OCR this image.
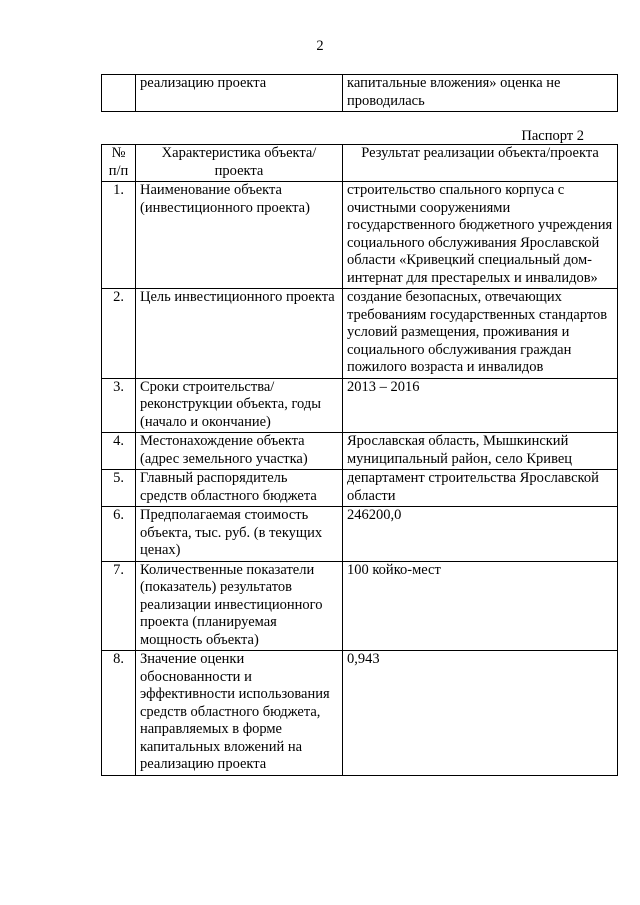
2
	реализацию проекта	капитальные вложения» оценка не проводилась
Паспорт 2
№ п/п	Характеристика объекта/проекта	Результат реализации объекта/проекта
1.	Наименование объекта (инвестиционного проекта)	строительство спального корпуса с очистными сооружениями государственного бюджетного учреждения социального обслуживания Ярославской области «Кривецкий специальный дом-интернат для престарелых и инвалидов»
2.	Цель инвестиционного проекта	создание безопасных, отвечающих требованиям государственных стандартов условий размещения, проживания и социального обслуживания граждан пожилого возраста и инвалидов
3.	Сроки строительства/реконструкции объекта, годы (начало и окончание)	2013 – 2016
4.	Местонахождение объекта (адрес земельного участка)	Ярославская область, Мышкинский муниципальный район, село Кривец
5.	Главный распорядитель средств областного бюджета	департамент строительства Ярославской области
6.	Предполагаемая стоимость объекта, тыс. руб. (в текущих ценах)	246200,0
7.	Количественные показатели (показатель) результатов реализации инвестиционного проекта (планируемая мощность объекта)	100 койко-мест
8.	Значение оценки обоснованности и эффективности использования средств областного бюджета, направляемых в форме капитальных вложений на реализацию проекта	0,943
